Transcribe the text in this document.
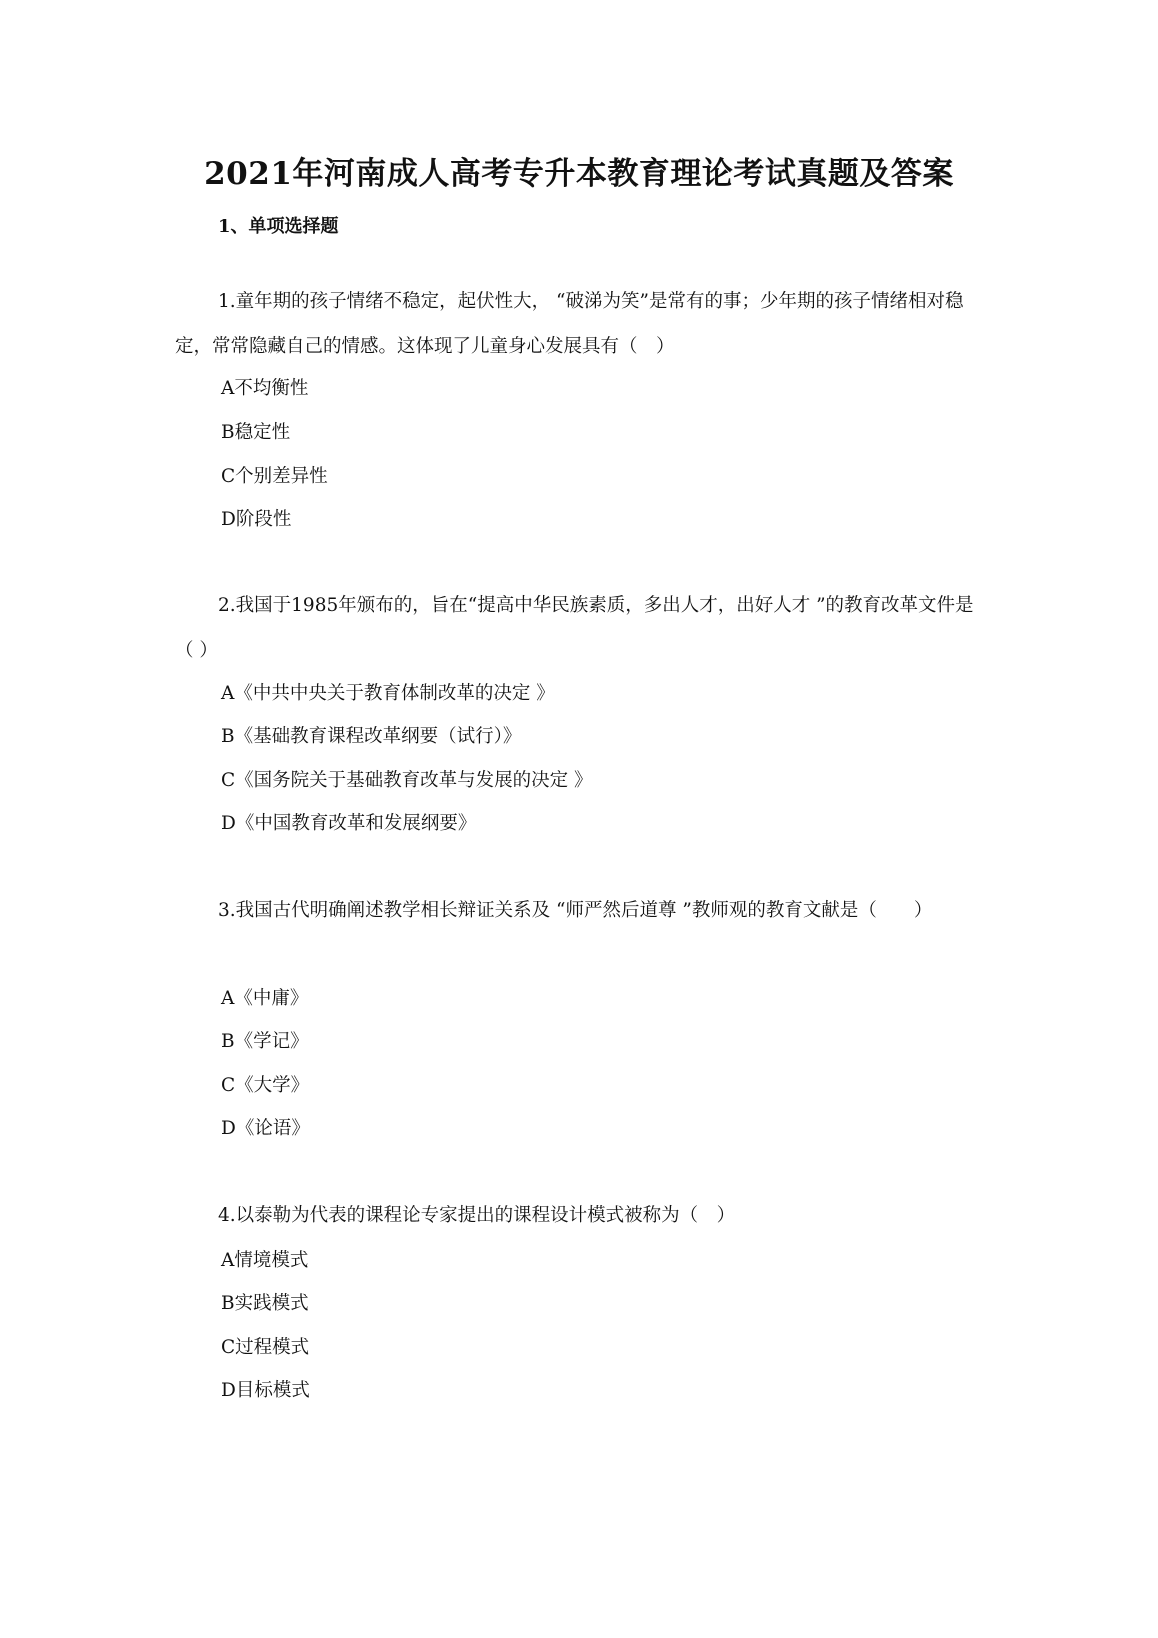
2021年河南成人高考专升本教育理论考试真题及答案
1、单项选择题
1.童年期的孩子情绪不稳定，起伏性大， “破涕为笑”是常有的事；少年期的孩子情绪相对稳定，常常隐藏自己的情感。这体现了儿童身心发展具有（　）
A不均衡性
B稳定性
C个别差异性
D阶段性
2.我国于1985年颁布的，旨在“提高中华民族素质，多出人才，出好人才 ”的教育改革文件是（ ）
A《中共中央关于教育体制改革的决定 》
B《基础教育课程改革纲要（试行）》
C《国务院关于基础教育改革与发展的决定 》
D《中国教育改革和发展纲要》
3.我国古代明确阐述教学相长辩证关系及 “师严然后道尊 ”教师观的教育文献是（　　）
A《中庸》
B《学记》
C《大学》
D《论语》
4.以泰勒为代表的课程论专家提出的课程设计模式被称为（　）
A情境模式
B实践模式
C过程模式
D目标模式
